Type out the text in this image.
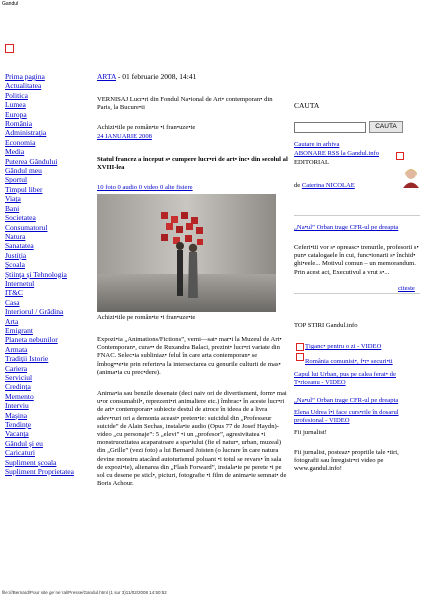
Gandul
Prima pagina
Actualitatea
Politica
Lumea
Europa
România
Administraţia
Economia
Media
Puterea Gândului
Gândul meu
Sportul
Timpul liber
Viaţa
Bani
Societatea
Consumatorul
Natura
Sanatatea
Justiţia
Şcoala
Ştiinţa şi Tehnologia
Internetul
IT&C
Casa
Interiorul / Grădina
Arta
Emigrant
Planeta nebunilor
Armata
Tradiţii Istorie
Cariera
Serviciul
Credinţa
Memento
Interviu
Maşina
Tendinţe
Vacanţa
Gândul şi eu
Caricaturi
Supliment şcoala
Supliment Proprietatea
ARTA - 01 februarie 2008, 14:41
VERNISAJ Lucr•ri din Fondul Na•ional de Art• contemporan• din Paris, la Bucure•ti
Achizi•iile pe român•te •i fran•uze•te
24 IANUARIE 2008
Statul francez a început s• cumpere lucr•ri de art• înc• din secolul al XVIII-lea
10 foto 0 audio 0 video 0 alte fisiere
Achizi•iile pe român•te •i fran•uze•te
Expozi•ia „Animations/Fictions”, verni—sat• mar•i la Muzeul de Art• Contemporan•, cura•• de Ruxandra Balaci, prezint• lucr•ri variate din FNAC. Selec•ia subliniaz• felul în care arta contemporan• se îmbog••e•te prin referin•a la intersectarea cu genurile culturii de mas• (anima•ia cu prec•dere).
Anima•ia sau benzile desenate (deci naiv ori de divertisment, form• mai u•or consumabil•, reprezent•ri animaliere etc.) îmbrac• în aceste lucr•ri de art• contemporan• subiecte destul de atroce în ideea de a livra adev•ruri ori a demonta aceast• preten•ie: suicidul din „Professeur suicide” de Alain Sechas, instala•ie audio (Opus 77 de Josef Haydn)-video „cu personaje”: 5 „elevi” •i un „profesor”, agresivitatea •i monstruozitatea acaparatoare a spa•iului (fie el natur•, urban, muzeal) din „Grille” (vezi foto) a lui Bernard Joisten (o lucrare în care natura devine monstru atacând autoturismul poluant •i totul se revars• în sala de expozi•ie), alienarea din „Flash Forward”, instala•ie pe perete •i pe sol cu desene pe sticl•, picturi, fotografie •i film de anima•ie semnat• de Boris Achour.
CAUTA
CAUTA
Cautare in arhiva
ABONARE RSS la Gandul.info
EDITORIAL
de Caterina NICOLAE
„Na•ul” Orban trage CFR-ul pe dreapta
Ceferi•tii vor s• opreasc• trenurile, profesorii s• pun• catalogaele în cui, func•ionarii s• închid• ghi•eele... Motivul comun – un memorandum. Prin acest act, Executivul a vrut s•...
citeste
TOP STIRI Gandul.info
Ţiganc• pentru o zi - VIDEO
România comunist•, f•r• securi•ti
Capul lui Urban, pus pe calea ferat• de T•riceanu - VIDEO
„Na•ul” Orban trage CFR-ul pe dreapta
Elena Udrea î•i face curs•rile în dosarul profesional - VIDEO
Fii jurnalist!
Fii jurnalist, posteaz• propriile tale •tiri, fotografii sau înregistr•ri video pe www.gandul.info!
file:///Bernard/Pour site ge`ne`ral/Presse/Gandul.html (1 sur 3)11/02/2008 14:50:52
